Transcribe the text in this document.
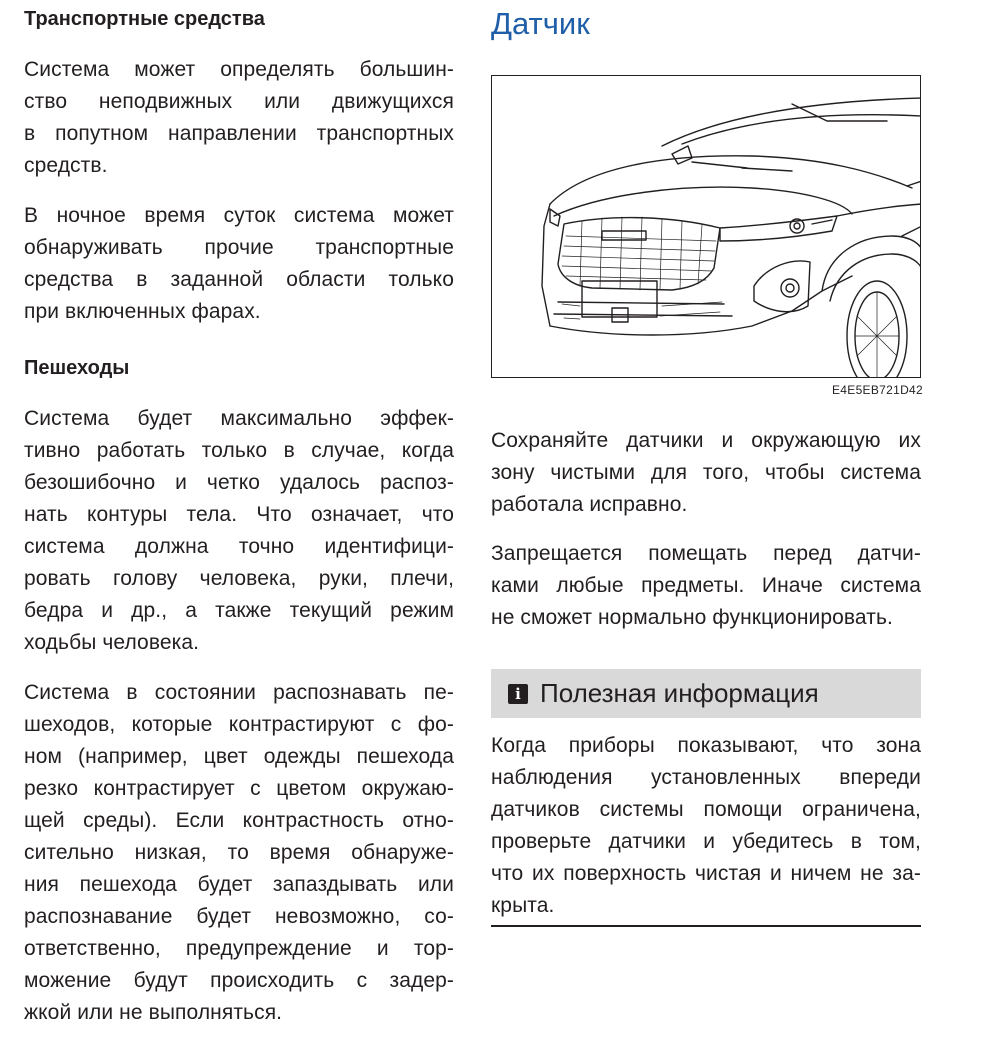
Транспортные средства

Система может определять большин-
ство неподвижных или движущихся
в попутном направлении транспортных
средств.

В ночное время суток система может
обнаруживать прочие транспортные
средства в заданной области только
при включенных фарах.

Пешеходы

Система будет максимально эффек-
тивно работать только в случае, когда
безошибочно и четко удалось распоз-
нать контуры тела. Что означает, что
система должна точно идентифици-
ровать голову человека, руки, плечи,
бедра и др., а также текущий режим
ходьбы человека.

Система в состоянии распознавать пе-
шеходов, которые контрастируют с фо-
ном (например, цвет одежды пешехода
резко контрастирует с цветом окружаю-
щей среды). Если контрастность отно-
сительно низкая, то время обнаруже-
ния пешехода будет запаздывать или
распознавание будет невозможно, со-
ответственно, предупреждение и тор-
можение будут происходить с задер-
жкой или не выполняться.

Датчик
E4E5EB721D42

Сохраняйте датчики и окружающую их
зону чистыми для того, чтобы система
работала исправно.

Запрещается помещать перед датчи-
ками любые предметы. Иначе система
не сможет нормально функционировать.

i Полезная информация

Когда приборы показывают, что зона
наблюдения установленных впереди
датчиков системы помощи ограничена,
проверьте датчики и убедитесь в том,
что их поверхность чистая и ничем не за-
крыта.
